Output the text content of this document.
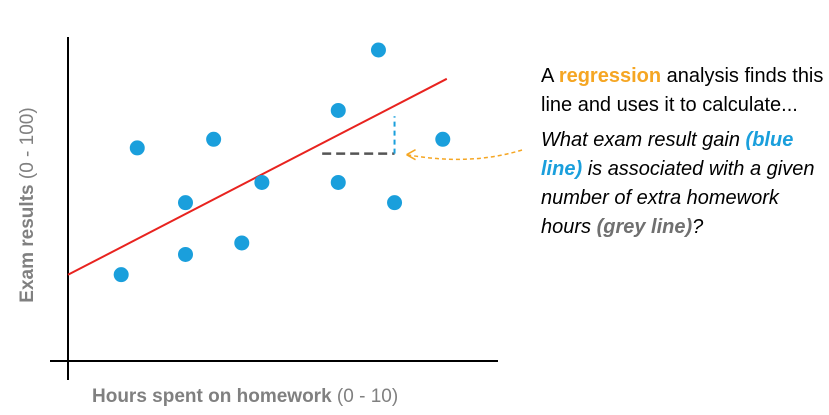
Exam results (0 - 100)
Hours spent on homework (0 - 10)

A regression analysis finds this line and uses it to calculate...

What exam result gain (blue line) is associated with a given number of extra homework hours (grey line)?
